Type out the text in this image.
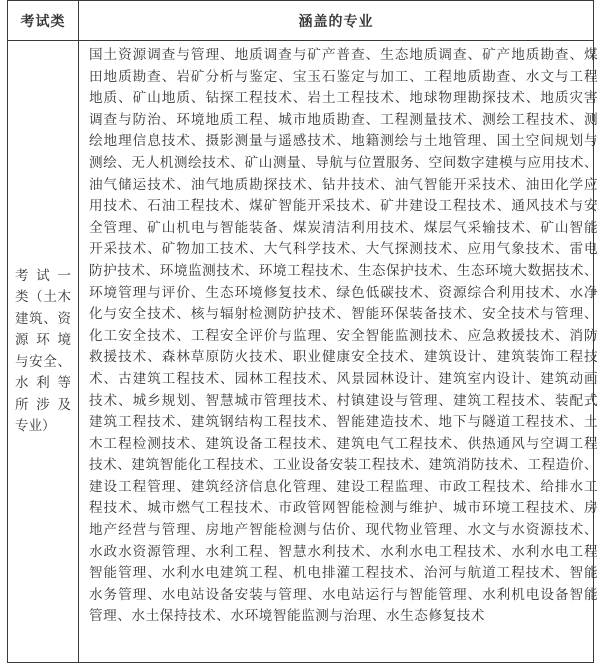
考试类	涵盖的专业
考试一
类（土木
建筑、资
源环境
与安全、
水利等
所涉及
专业）
国土资源调查与管理、地质调查与矿产普查、生态地质调查、矿产地质勘查、煤
田地质勘查、岩矿分析与鉴定、宝玉石鉴定与加工、工程地质勘查、水文与工程
地质、矿山地质、钻探工程技术、岩土工程技术、地球物理勘探技术、地质灾害
调查与防治、环境地质工程、城市地质勘查、工程测量技术、测绘工程技术、测
绘地理信息技术、摄影测量与遥感技术、地籍测绘与土地管理、国土空间规划与
测绘、无人机测绘技术、矿山测量、导航与位置服务、空间数字建模与应用技术、
油气储运技术、油气地质勘探技术、钻井技术、油气智能开采技术、油田化学应
用技术、石油工程技术、煤矿智能开采技术、矿井建设工程技术、通风技术与安
全管理、矿山机电与智能装备、煤炭清洁利用技术、煤层气采输技术、矿山智能
开采技术、矿物加工技术、大气科学技术、大气探测技术、应用气象技术、雷电
防护技术、环境监测技术、环境工程技术、生态保护技术、生态环境大数据技术、
环境管理与评价、生态环境修复技术、绿色低碳技术、资源综合利用技术、水净
化与安全技术、核与辐射检测防护技术、智能环保装备技术、安全技术与管理、
化工安全技术、工程安全评价与监理、安全智能监测技术、应急救援技术、消防
救援技术、森林草原防火技术、职业健康安全技术、建筑设计、建筑装饰工程技
术、古建筑工程技术、园林工程技术、风景园林设计、建筑室内设计、建筑动画
技术、城乡规划、智慧城市管理技术、村镇建设与管理、建筑工程技术、装配式
建筑工程技术、建筑钢结构工程技术、智能建造技术、地下与隧道工程技术、土
木工程检测技术、建筑设备工程技术、建筑电气工程技术、供热通风与空调工程
技术、建筑智能化工程技术、工业设备安装工程技术、建筑消防技术、工程造价、
建设工程管理、建筑经济信息化管理、建设工程监理、市政工程技术、给排水工
程技术、城市燃气工程技术、市政管网智能检测与维护、城市环境工程技术、房
地产经营与管理、房地产智能检测与估价、现代物业管理、水文与水资源技术、
水政水资源管理、水利工程、智慧水利技术、水利水电工程技术、水利水电工程
智能管理、水利水电建筑工程、机电排灌工程技术、治河与航道工程技术、智能
水务管理、水电站设备安装与管理、水电站运行与智能管理、水利机电设备智能
管理、水土保持技术、水环境智能监测与治理、水生态修复技术
